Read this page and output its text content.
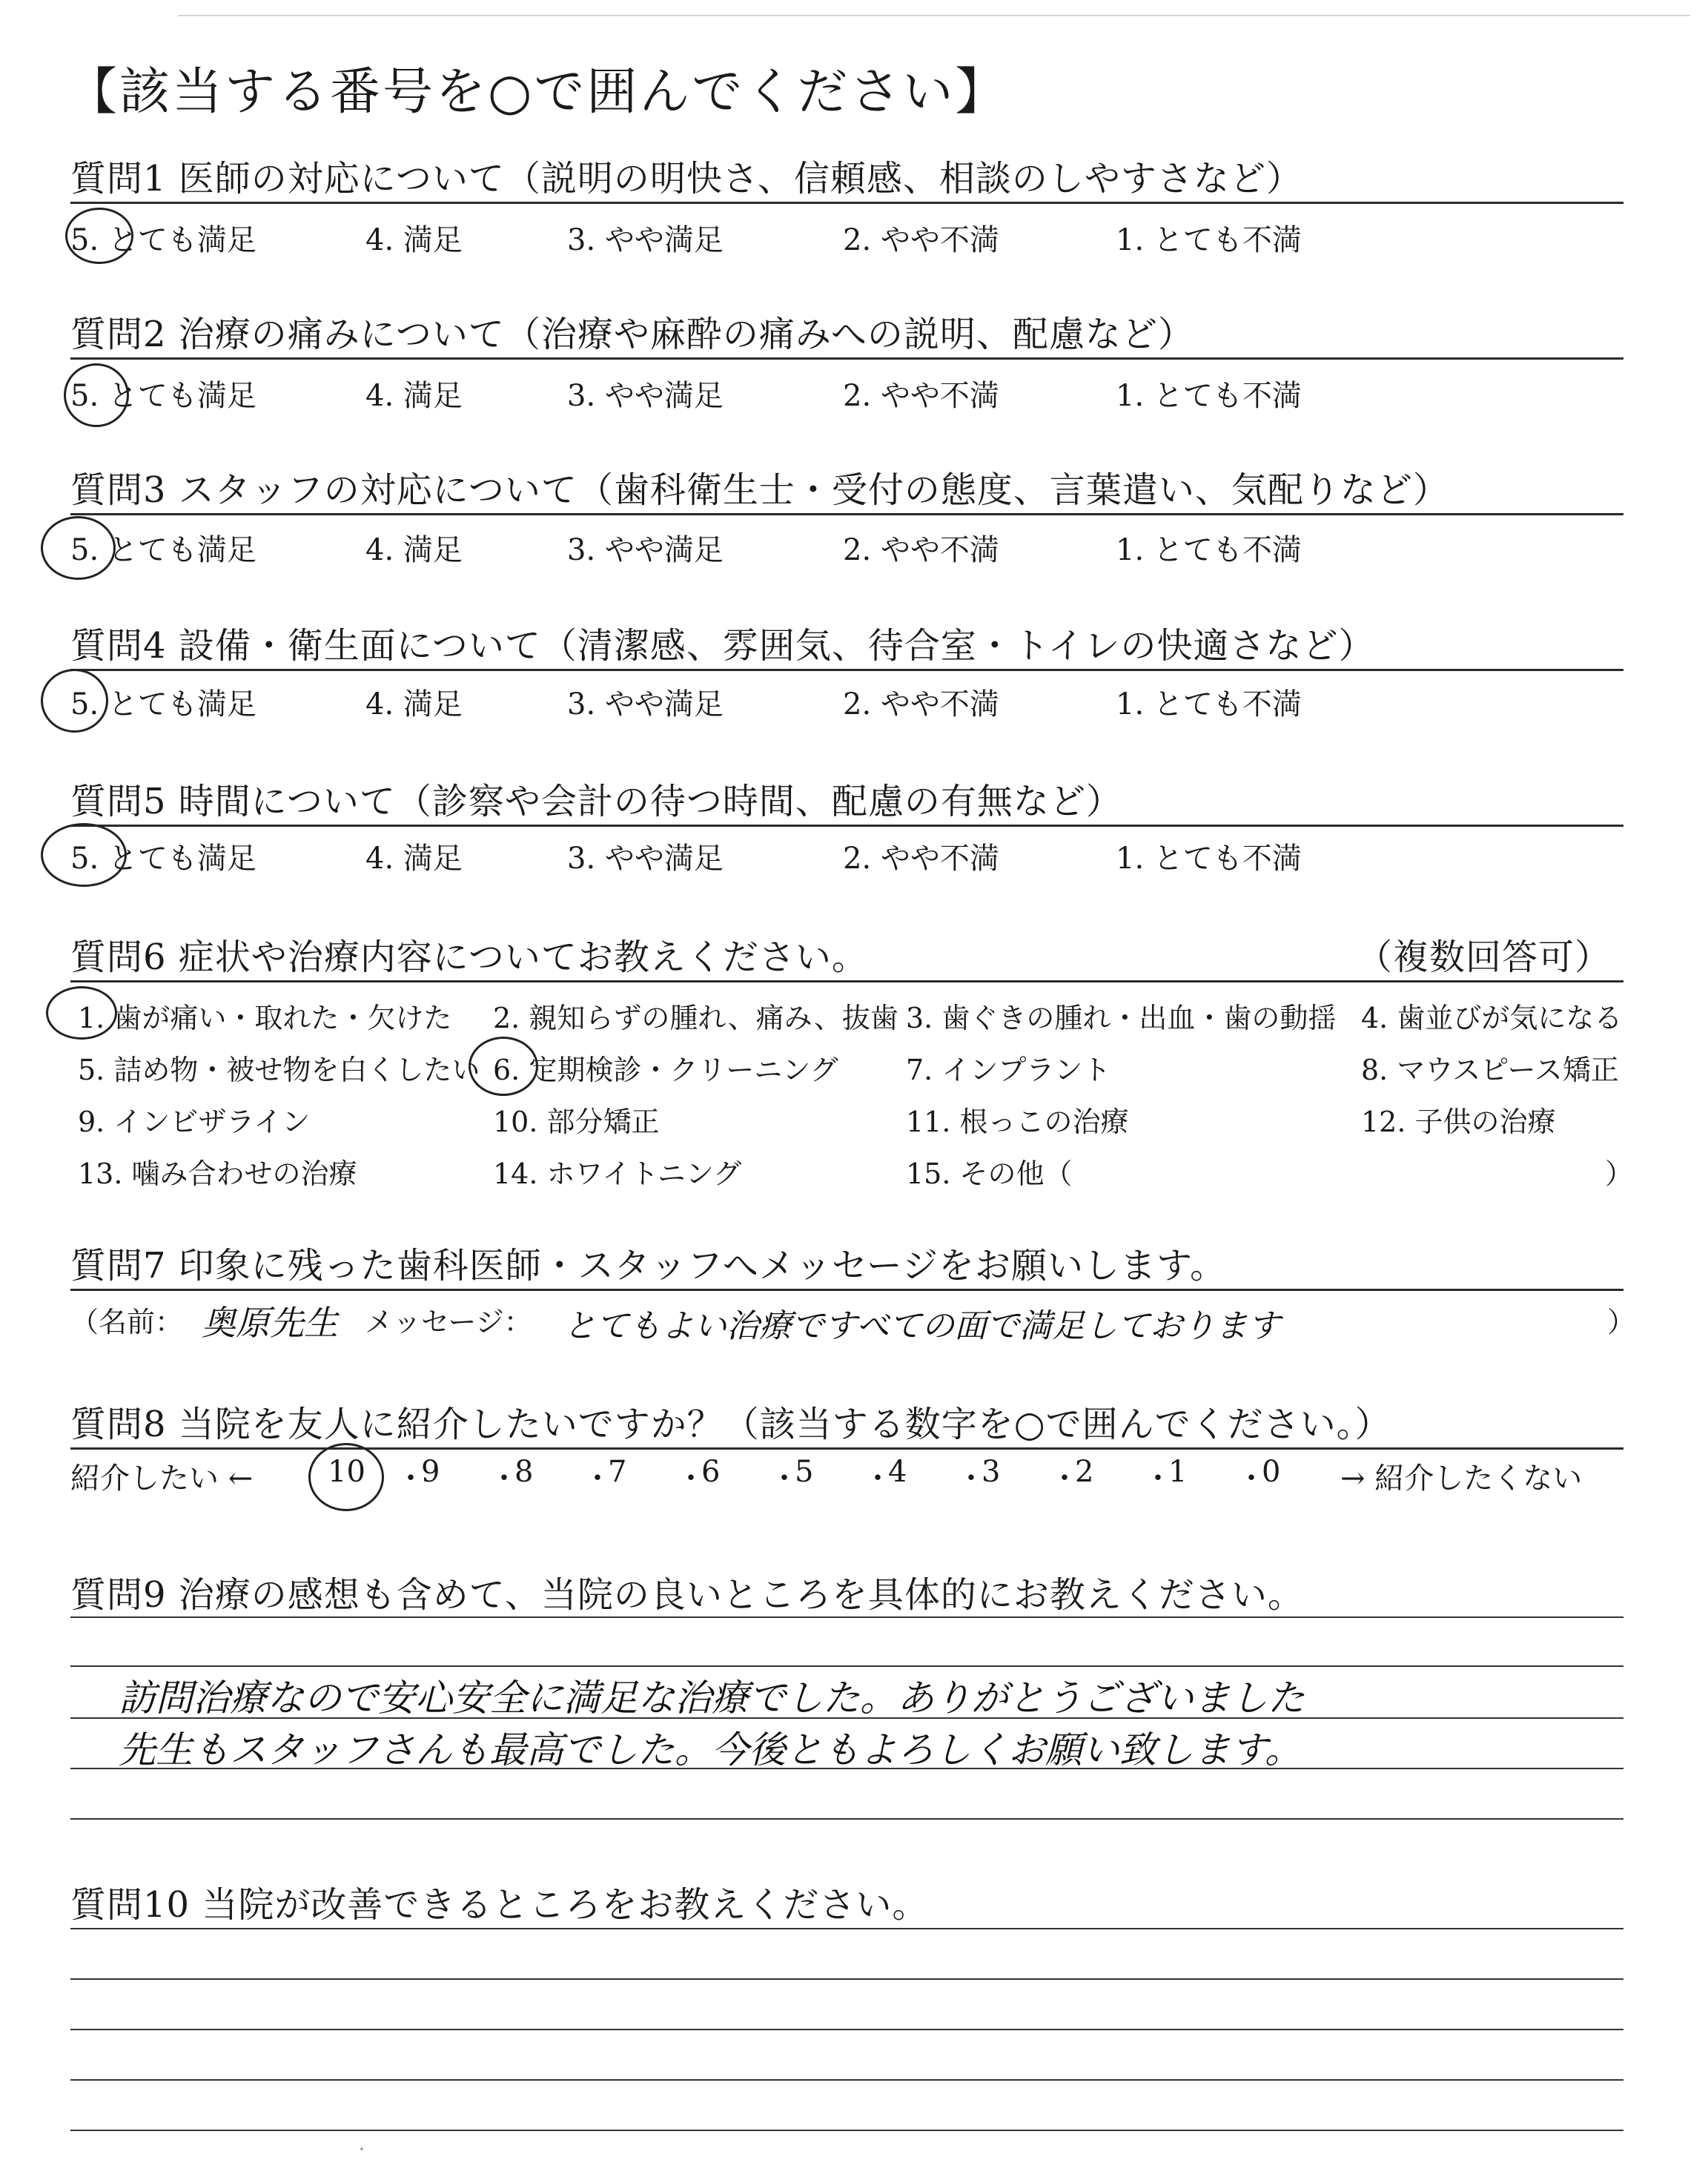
【該当する番号を○で囲んでください】
質問1 医師の対応について（説明の明快さ、信頼感、相談のしやすさなど）
5. とても満足	4. 満足	3. やや満足	2. やや不満	1. とても不満
質問2 治療の痛みについて（治療や麻酔の痛みへの説明、配慮など）
5. とても満足	4. 満足	3. やや満足	2. やや不満	1. とても不満
質問3 スタッフの対応について（歯科衛生士・受付の態度、言葉遣い、気配りなど）
5. とても満足	4. 満足	3. やや満足	2. やや不満	1. とても不満
質問4 設備・衛生面について（清潔感、雰囲気、待合室・トイレの快適さなど）
5. とても満足	4. 満足	3. やや満足	2. やや不満	1. とても不満
質問5 時間について（診察や会計の待つ時間、配慮の有無など）
5. とても満足	4. 満足	3. やや満足	2. やや不満	1. とても不満
質問6 症状や治療内容についてお教えください。	（複数回答可）
1. 歯が痛い・取れた・欠けた 2. 親知らずの腫れ、痛み、抜歯 3. 歯ぐきの腫れ・出血・歯の動揺 4. 歯並びが気になる
5. 詰め物・被せ物を白くしたい 6. 定期検診・クリーニング 7. インプラント	8. マウスピース矯正
9. インビザライン	10. 部分矯正	11. 根っこの治療	12. 子供の治療
13. 噛み合わせの治療	14. ホワイトニング	15. その他（	）
質問7 印象に残った歯科医師・スタッフへメッセージをお願いします。
（名前： 奥原先生 メッセージ： とてもよい治療ですべての面で満足しております	）
質問8 当院を友人に紹介したいですか？（該当する数字を○で囲んでください。）
紹介したい ←	10 ・
9 ・
8 ・
7 ・
6 ・
5 ・
4 ・
3 ・
2 ・
1 ・
0 → 紹介したくない
質問9 治療の感想も含めて、当院の良いところを具体的にお教えください。
訪問治療なので安心安全に満足な治療でした。ありがとうございました
先生もスタッフさんも最高でした。今後ともよろしくお願い致します。
質問10 当院が改善できるところをお教えください。
